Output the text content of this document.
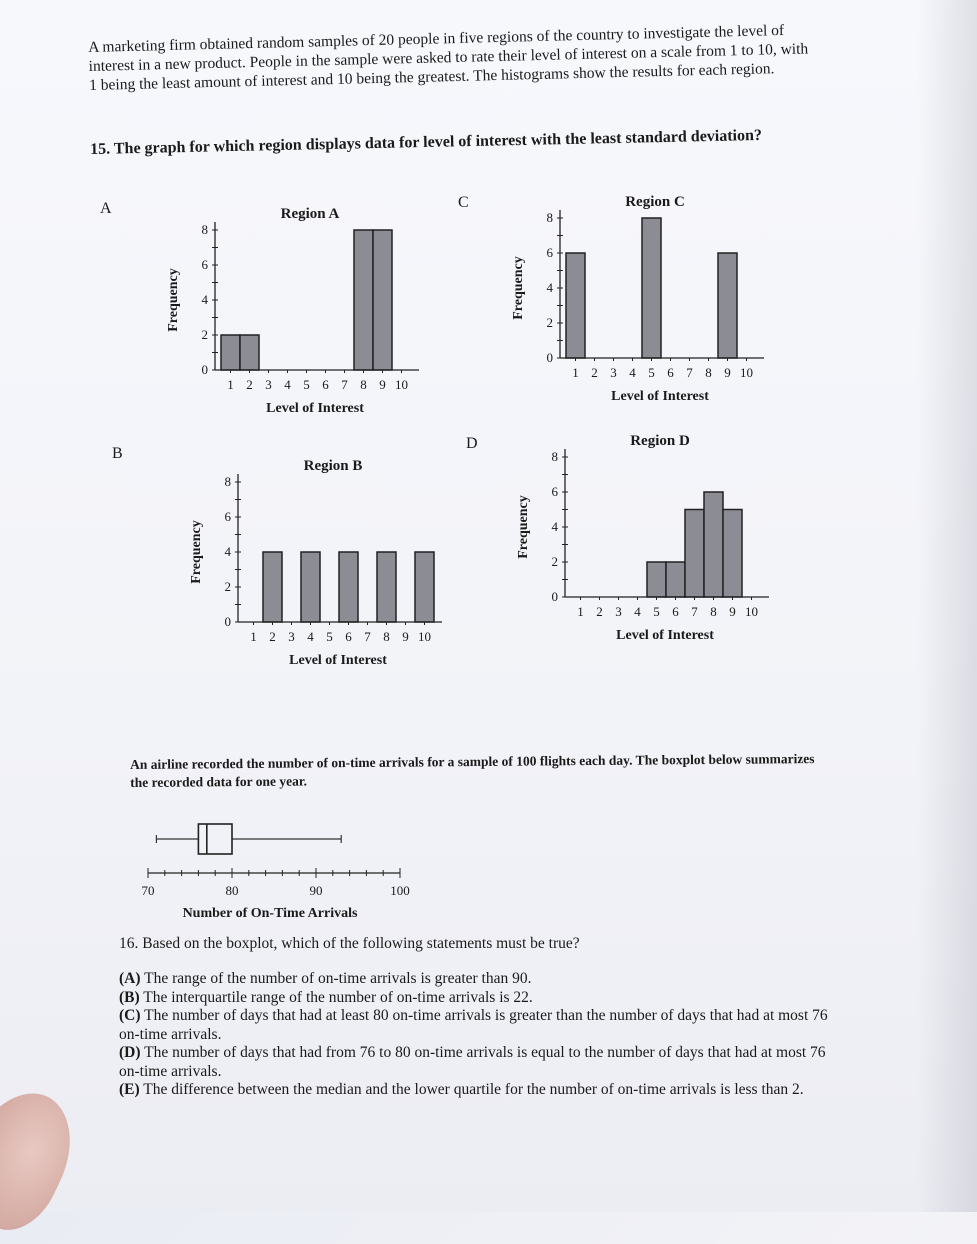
A marketing firm obtained random samples of 20 people in five regions of the country to investigate the level of interest in a new product. People in the sample were asked to rate their level of interest on a scale from 1 to 10, with 1 being the least amount of interest and 10 being the greatest. The histograms show the results for each region.

15. The graph for which region displays data for level of interest with the least standard deviation?

A	C
B
D
Region A
0
2
4
6
8
1 2 3 4 5 6 7 8 9 10
Level of Interest
Frequency
Region C
0
2
4
6
8
1 2 3 4 5 6 7 8 9 10
Level of Interest
Frequency
Region B
0
2
4
6
8
1 2 3 4 5 6 7 8 9 10
Level of Interest
Frequency
Region D
0
2
4
6
8
1 2 3 4 5 6 7 8 9 10
Level of Interest
Frequency

An airline recorded the number of on-time arrivals for a sample of 100 flights each day. The boxplot below summarizes the recorded data for one year.

70	80	90	100
Number of On-Time Arrivals

16. Based on the boxplot, which of the following statements must be true?

(A) The range of the number of on-time arrivals is greater than 90.

(B) The interquartile range of the number of on-time arrivals is 22.

(C) The number of days that had at least 80 on-time arrivals is greater than the number of days that had at most 76 on-time arrivals.

(D) The number of days that had from 76 to 80 on-time arrivals is equal to the number of days that had at most 76 on-time arrivals.

(E) The difference between the median and the lower quartile for the number of on-time arrivals is less than 2.
